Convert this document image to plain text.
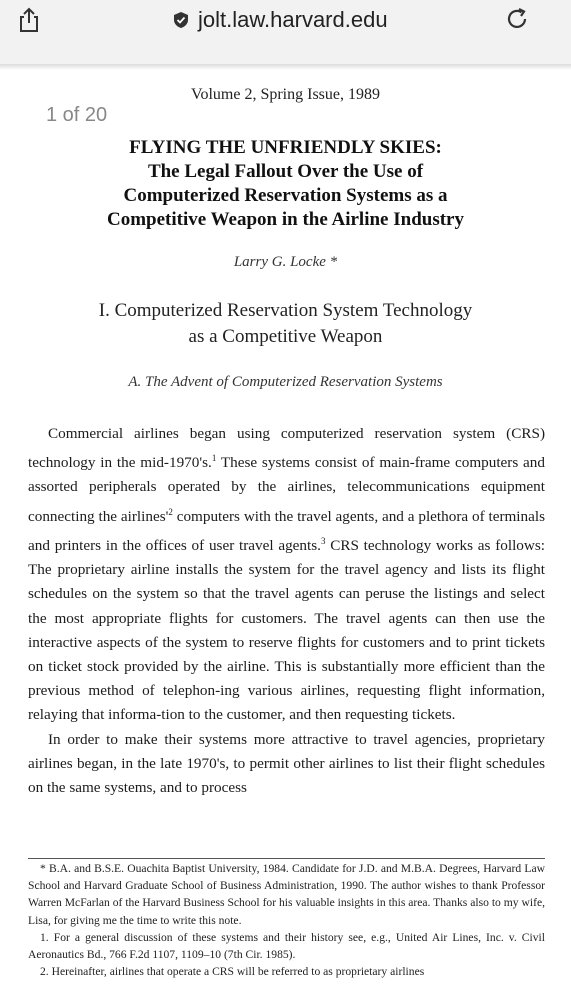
jolt.law.harvard.edu
Volume 2, Spring Issue, 1989
1 of 20
FLYING THE UNFRIENDLY SKIES:
The Legal Fallout Over the Use of
Computerized Reservation Systems as a
Competitive Weapon in the Airline Industry
Larry G. Locke *
I. Computerized Reservation System Technology
as a Competitive Weapon
A. The Advent of Computerized Reservation Systems

Commercial airlines began using computerized reservation system (CRS) technology in the mid-1970's.$^1$ These systems consist of main-frame computers and assorted peripherals operated by the airlines, telecommunications equipment connecting the $airlines'^2$ computers with the travel agents, and a plethora of terminals and printers in the offices of user travel agents.$^3$ CRS technology works as follows: The proprietary airline installs the system for the travel agency and lists its flight schedules on the system so that the travel agents can peruse the listings and select the most appropriate flights for customers. The travel agents can then use the interactive aspects of the system to reserve flights for customers and to print tickets on ticket stock provided by the airline. This is substantially more efficient than the previous method of telephon-ing various airlines, requesting flight information, relaying that informa-tion to the customer, and then requesting tickets.

In order to make their systems more attractive to travel agencies, proprietary airlines began, in the late 1970's, to permit other airlines to list their flight schedules on the same systems, and to process

* B.A. and B.S.E. Ouachita Baptist University, 1984. Candidate for J.D. and M.B.A. Degrees, Harvard Law School and Harvard Graduate School of Business Administration, 1990. The author wishes to thank Professor Warren McFarlan of the Harvard Business School for his valuable insights in this area. Thanks also to my wife, Lisa, for giving me the time to write this note.

1. For a general discussion of these systems and their history see, e.g., United Air Lines, Inc. v. Civil Aeronautics Bd., 766 F.2d 1107, 1109–10 (7th Cir. 1985).

2. Hereinafter, airlines that operate a CRS will be referred to as proprietary airlines
